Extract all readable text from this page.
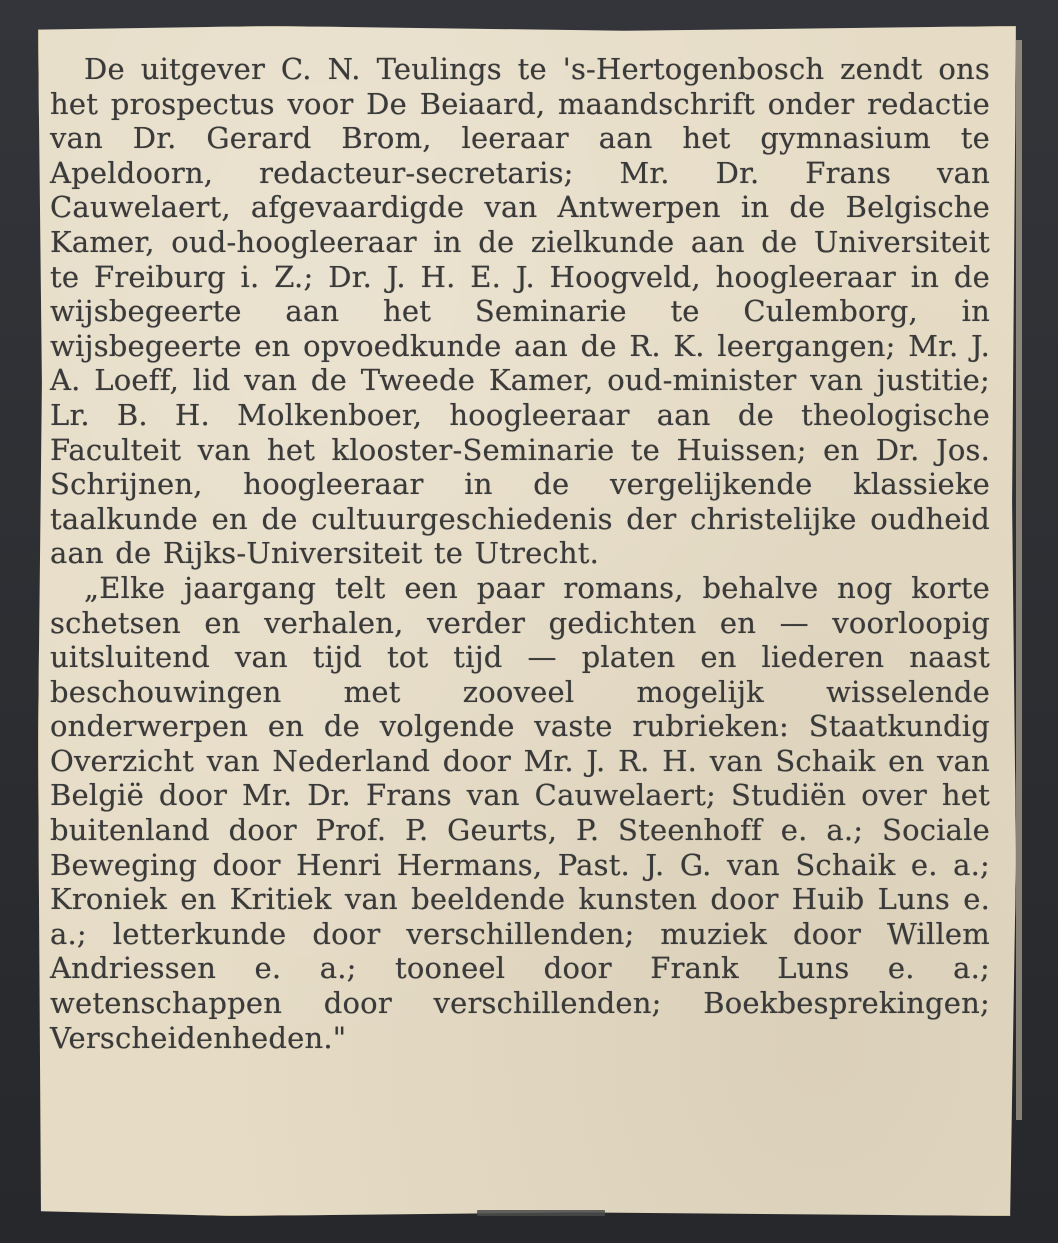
De uitgever C. N. Teulings te 's-Hertogenbosch zendt ons het prospectus voor De Beiaard, maandschrift onder redactie van Dr. Gerard Brom, leeraar aan het gymnasium te Apeldoorn, redacteur-secretaris; Mr. Dr. Frans van Cauwelaert, afgevaardigde van Antwerpen in de Belgische Kamer, oud-hoogleeraar in de zielkunde aan de Universiteit te Freiburg i. Z.; Dr. J. H. E. J. Hoogveld, hoogleeraar in de wijsbegeerte aan het Seminarie te Culemborg, in wijsbegeerte en opvoedkunde aan de R. K. leergangen; Mr. J. A. Loeff, lid van de Tweede Kamer, oud-minister van justitie; Lr. B. H. Molkenboer, hoogleeraar aan de theologische Faculteit van het klooster-Seminarie te Huissen; en Dr. Jos. Schrijnen, hoogleeraar in de vergelijkende klassieke taalkunde en de cultuurgeschiedenis der christelijke oudheid aan de Rijks-Universiteit te Utrecht.

„Elke jaargang telt een paar romans, behalve nog korte schetsen en verhalen, verder gedichten en — voorloopig uitsluitend van tijd tot tijd — platen en liederen naast beschouwingen met zooveel mogelijk wisselende onderwerpen en de volgende vaste rubrieken: Staatkundig Overzicht van Nederland door Mr. J. R. H. van Schaik en van België door Mr. Dr. Frans van Cauwelaert; Studiën over het buitenland door Prof. P. Geurts, P. Steenhoff e. a.; Sociale Beweging door Henri Hermans, Past. J. G. van Schaik e. a.; Kroniek en Kritiek van beeldende kunsten door Huib Luns e. a.; letterkunde door verschillenden; muziek door Willem Andriessen e. a.; tooneel door Frank Luns e. a.; wetenschappen door verschillenden; Boekbesprekingen; Verscheidenheden."
